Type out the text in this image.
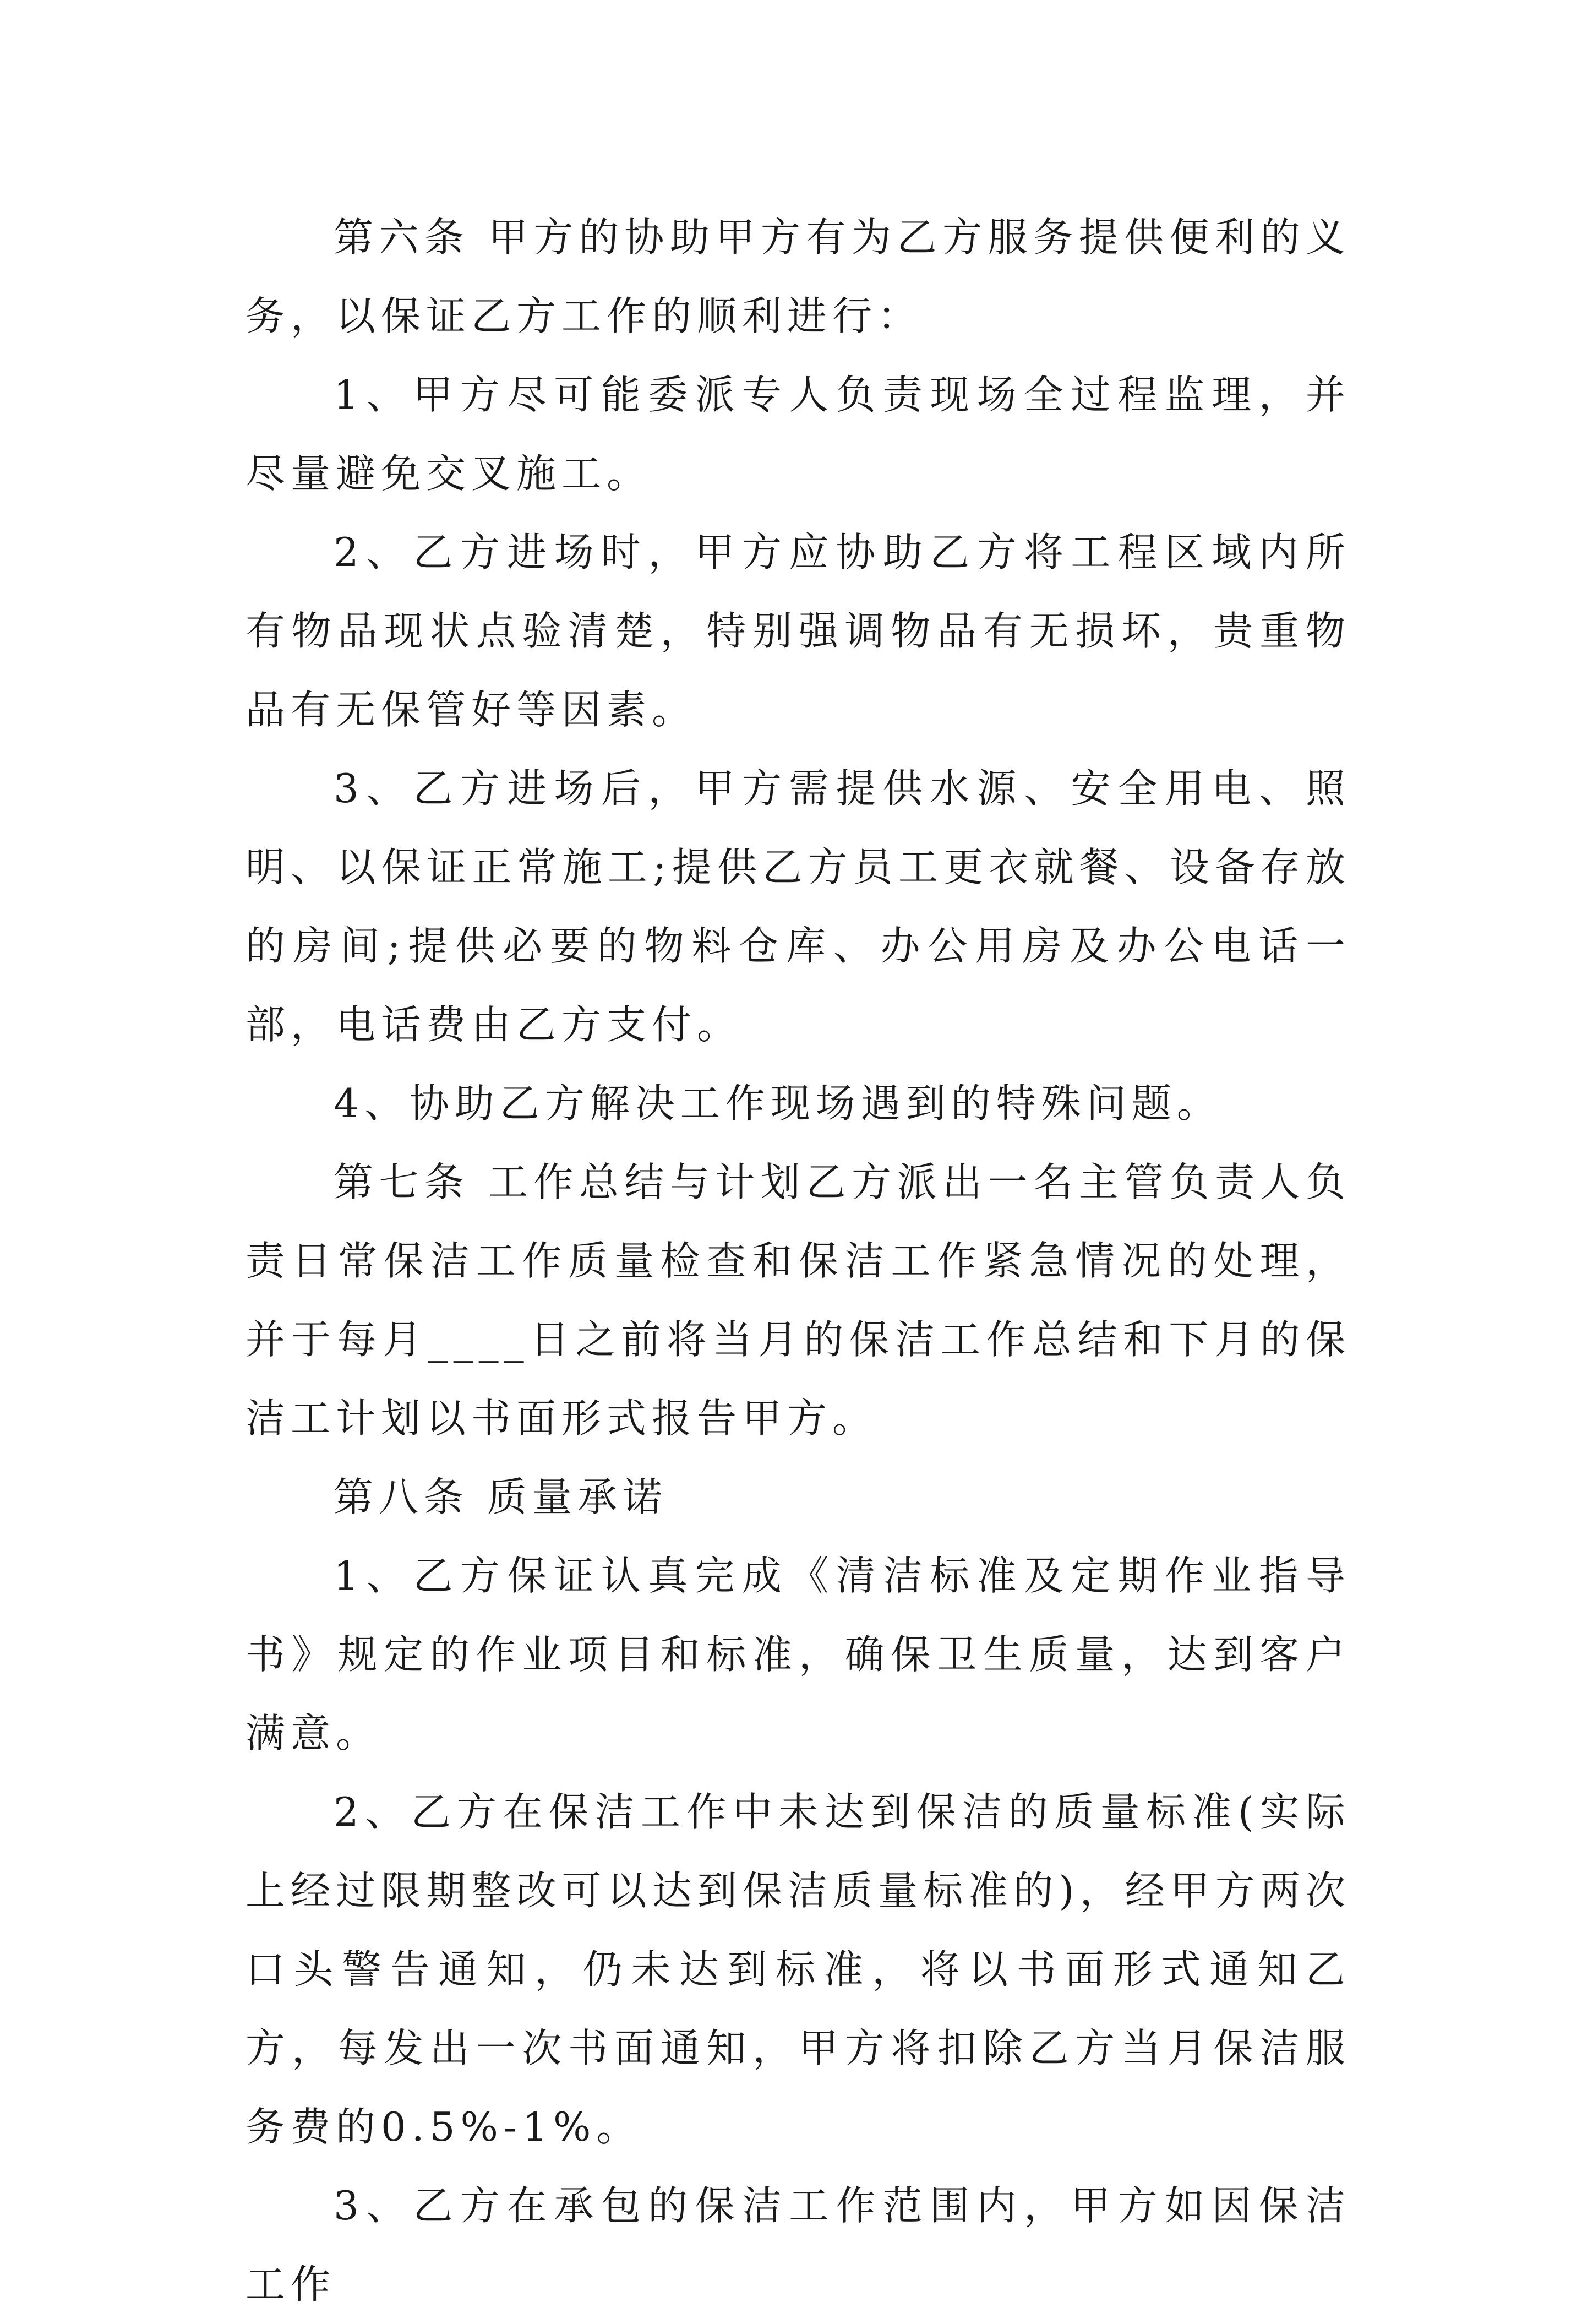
第六条 甲方的协助甲方有为乙方服务提供便利的义务，以保证乙方工作的顺利进行：

1、甲方尽可能委派专人负责现场全过程监理，并尽量避免交叉施工。

2、乙方进场时，甲方应协助乙方将工程区域内所有物品现状点验清楚，特别强调物品有无损坏，贵重物品有无保管好等因素。

3、乙方进场后，甲方需提供水源、安全用电、照明、以保证正常施工;提供乙方员工更衣就餐、设备存放的房间;提供必要的物料仓库、办公用房及办公电话一部，电话费由乙方支付。

4、协助乙方解决工作现场遇到的特殊问题。

第七条 工作总结与计划乙方派出一名主管负责人负责日常保洁工作质量检查和保洁工作紧急情况的处理，并于每月____日之前将当月的保洁工作总结和下月的保洁工计划以书面形式报告甲方。

第八条 质量承诺

1、乙方保证认真完成《清洁标准及定期作业指导书》规定的作业项目和标准，确保卫生质量，达到客户满意。

2、乙方在保洁工作中未达到保洁的质量标准(实际上经过限期整改可以达到保洁质量标准的)，经甲方两次口头警告通知，仍未达到标准，将以书面形式通知乙方，每发出一次书面通知，甲方将扣除乙方当月保洁服务费的0.5%-1%。

3、乙方在承包的保洁工作范围内，甲方如因保洁工作
